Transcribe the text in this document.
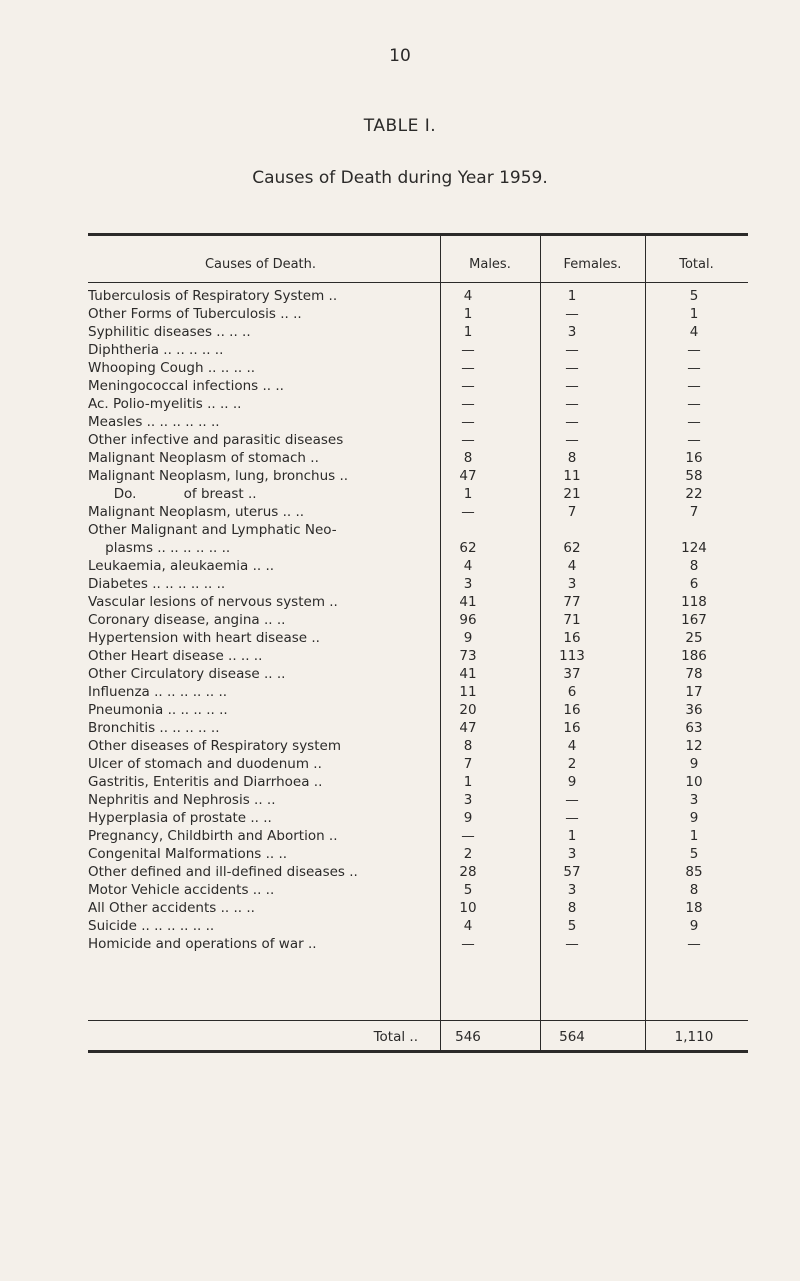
10
TABLE I.
Causes of Death during Year 1959.
Causes of Death.	Males.	Females.	Total.
Tuberculosis of Respiratory System ..	4	1	5
Other Forms of Tuberculosis .. ..	1	—	1
Syphilitic diseases .. .. ..	1	3	4
Diphtheria .. .. .. .. ..	—	—	—
Whooping Cough .. .. .. ..	—	—	—
Meningococcal infections .. ..	—	—	—
Ac. Polio-myelitis .. .. ..	—	—	—
Measles .. .. .. .. .. ..	—	—	—
Other infective and parasitic diseases	—	—	—
Malignant Neoplasm of stomach ..	8	8	16
Malignant Neoplasm, lung, bronchus ..	47	11	58
Do.           of breast ..	1	21	22
Malignant Neoplasm, uterus .. ..	—	7	7
Other Malignant and Lymphatic Neo-
plasms .. .. .. .. .. ..	62	62	124
Leukaemia, aleukaemia .. ..	4	4	8
Diabetes .. .. .. .. .. ..	3	3	6
Vascular lesions of nervous system ..	41	77	118
Coronary disease, angina .. ..	96	71	167
Hypertension with heart disease ..	9	16	25
Other Heart disease .. .. ..	73	113	186
Other Circulatory disease .. ..	41	37	78
Influenza .. .. .. .. .. ..	11	6	17
Pneumonia .. .. .. .. ..	20	16	36
Bronchitis .. .. .. .. ..	47	16	63
Other diseases of Respiratory system	8	4	12
Ulcer of stomach and duodenum ..	7	2	9
Gastritis, Enteritis and Diarrhoea ..	1	9	10
Nephritis and Nephrosis .. ..	3	—	3
Hyperplasia of prostate .. ..	9	—	9
Pregnancy, Childbirth and Abortion ..	—	1	1
Congenital Malformations .. ..	2	3	5
Other defined and ill-defined diseases ..	28	57	85
Motor Vehicle accidents .. ..	5	3	8
All Other accidents .. .. ..	10	8	18
Suicide .. .. .. .. .. ..	4	5	9
Homicide and operations of war ..	—	—	—
Total ..	546	564	1,110
